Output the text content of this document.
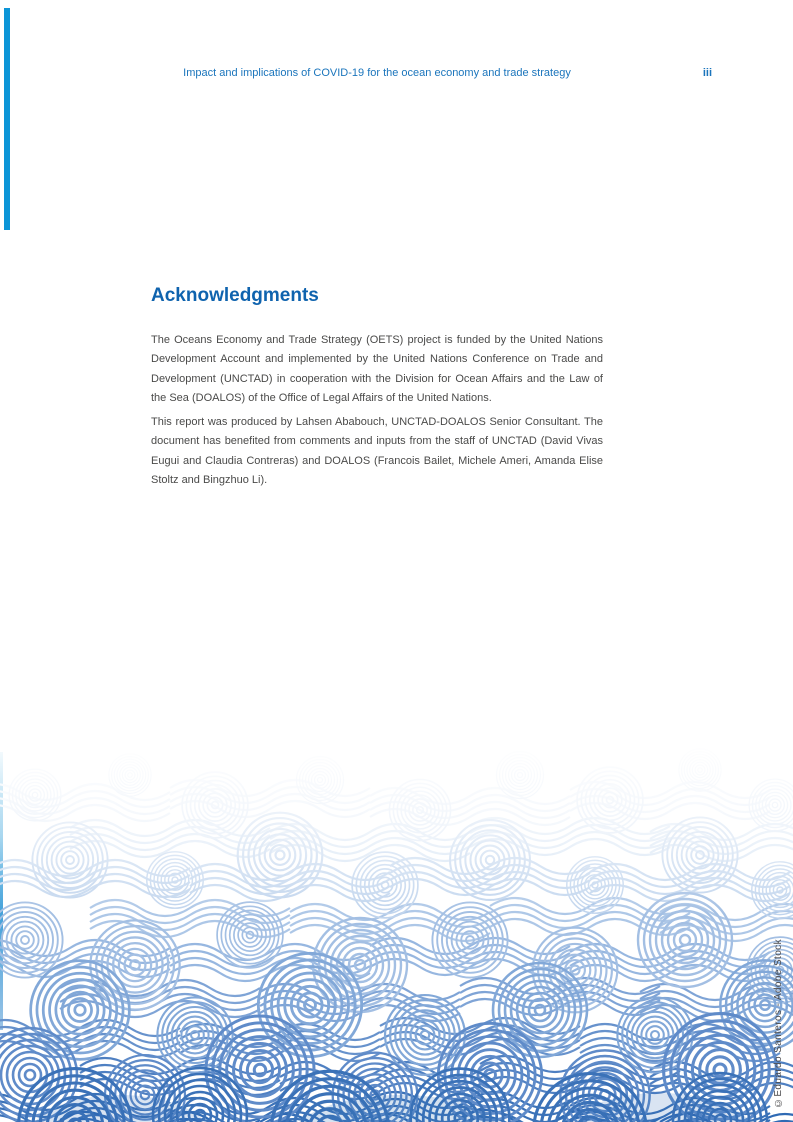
Impact and implications of COVID-19 for the ocean economy and trade strategy	iii
Acknowledgments

The Oceans Economy and Trade Strategy (OETS) project is funded by the United Nations Development Account and implemented by the United Nations Conference on Trade and Development (UNCTAD) in cooperation with the Division for Ocean Affairs and the Law of the Sea (DOALOS) of the Office of Legal Affairs of the United Nations.

This report was produced by Lahsen Ababouch, UNCTAD-DOALOS Senior Consultant. The document has benefited from comments and inputs from the staff of UNCTAD (David Vivas Eugui and Claudia Contreras) and DOALOS (Francois Bailet, Michele Ameri, Amanda Elise Stoltz and Bingzhuo Li).

©Eduardo Santeros - Adobe Stock
